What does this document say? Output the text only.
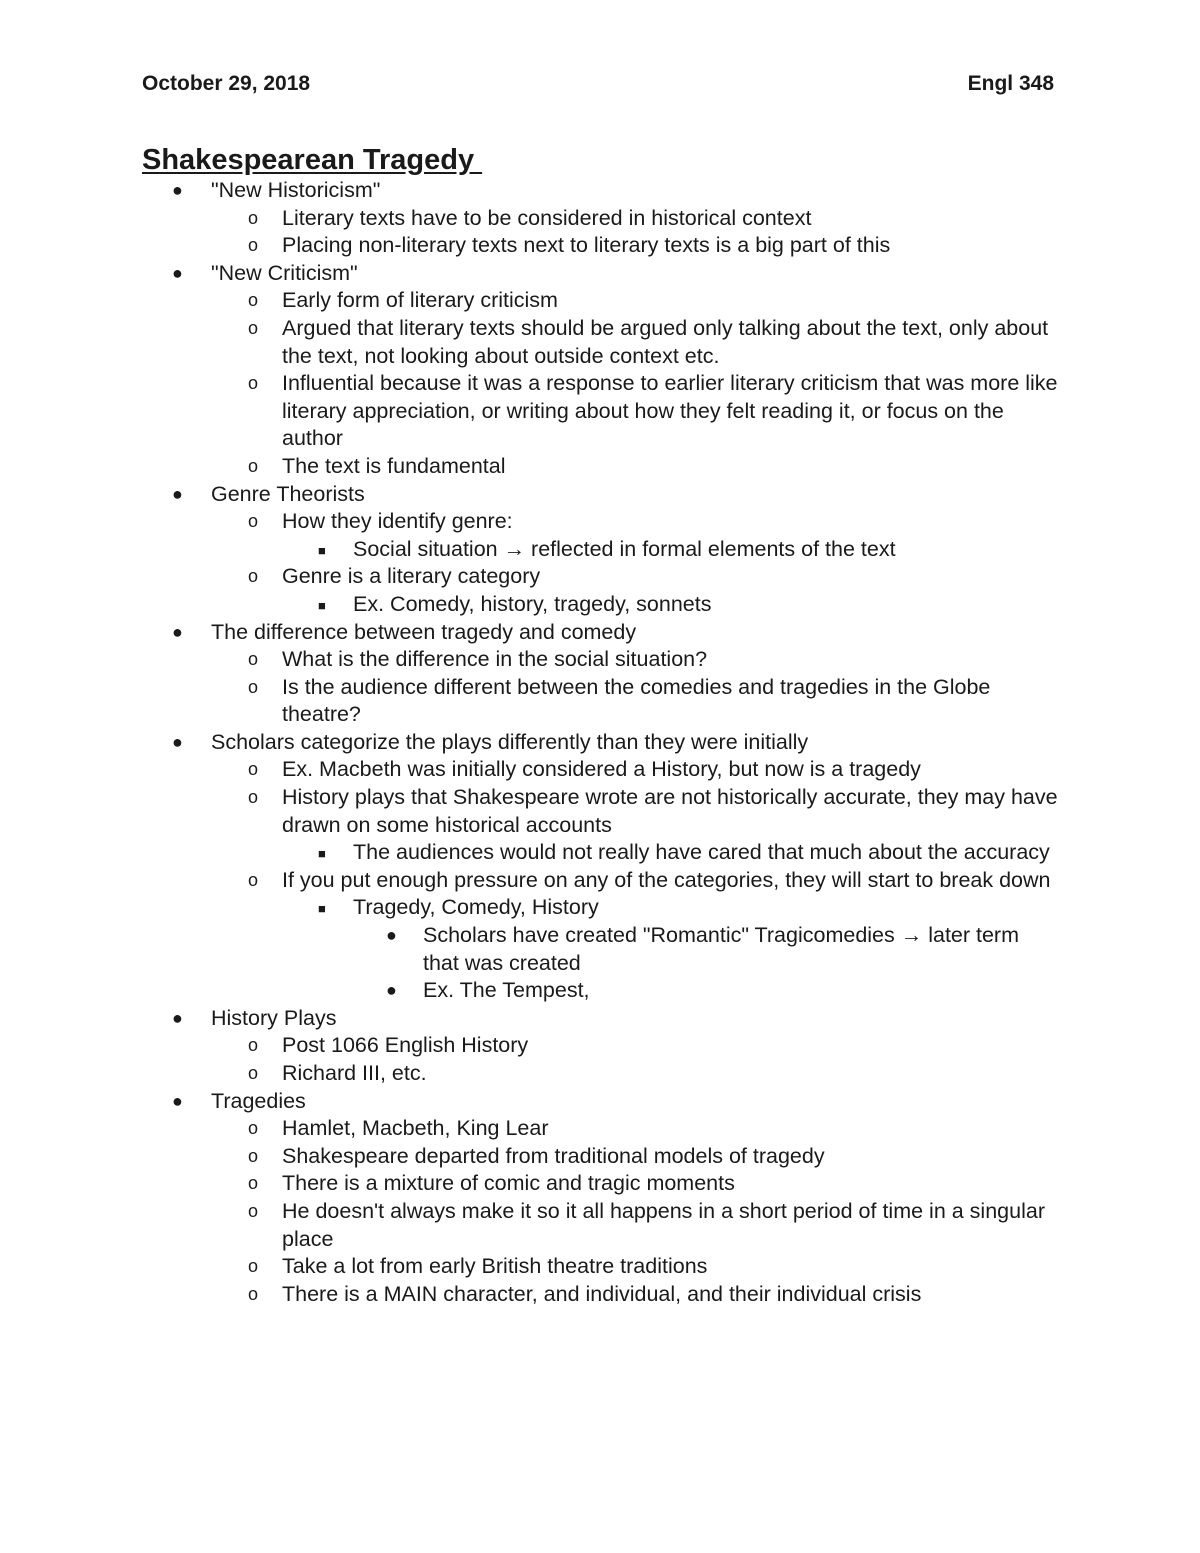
October 29, 2018	Engl 348
Shakespearean Tragedy
● "New Historicism"
o Literary texts have to be considered in historical context
o Placing non-literary texts next to literary texts is a big part of this
● "New Criticism"
o Early form of literary criticism
o Argued that literary texts should be argued only talking about the text, only about the text, not looking about outside context etc.
o Influential because it was a response to earlier literary criticism that was more like literary appreciation, or writing about how they felt reading it, or focus on the author
o The text is fundamental
● Genre Theorists
o How they identify genre:
■ Social situation → reflected in formal elements of the text
o Genre is a literary category
■ Ex. Comedy, history, tragedy, sonnets
● The difference between tragedy and comedy
o What is the difference in the social situation?
o Is the audience different between the comedies and tragedies in the Globe theatre?
● Scholars categorize the plays differently than they were initially
o Ex. Macbeth was initially considered a History, but now is a tragedy
o History plays that Shakespeare wrote are not historically accurate, they may have drawn on some historical accounts
■ The audiences would not really have cared that much about the accuracy
o If you put enough pressure on any of the categories, they will start to break down
■ Tragedy, Comedy, History
● Scholars have created "Romantic" Tragicomedies → later term that was created
● Ex. The Tempest,
● History Plays
o Post 1066 English History
o Richard III, etc.
● Tragedies
o Hamlet, Macbeth, King Lear
o Shakespeare departed from traditional models of tragedy
o There is a mixture of comic and tragic moments
o He doesn't always make it so it all happens in a short period of time in a singular place
o Take a lot from early British theatre traditions
o There is a MAIN character, and individual, and their individual crisis
